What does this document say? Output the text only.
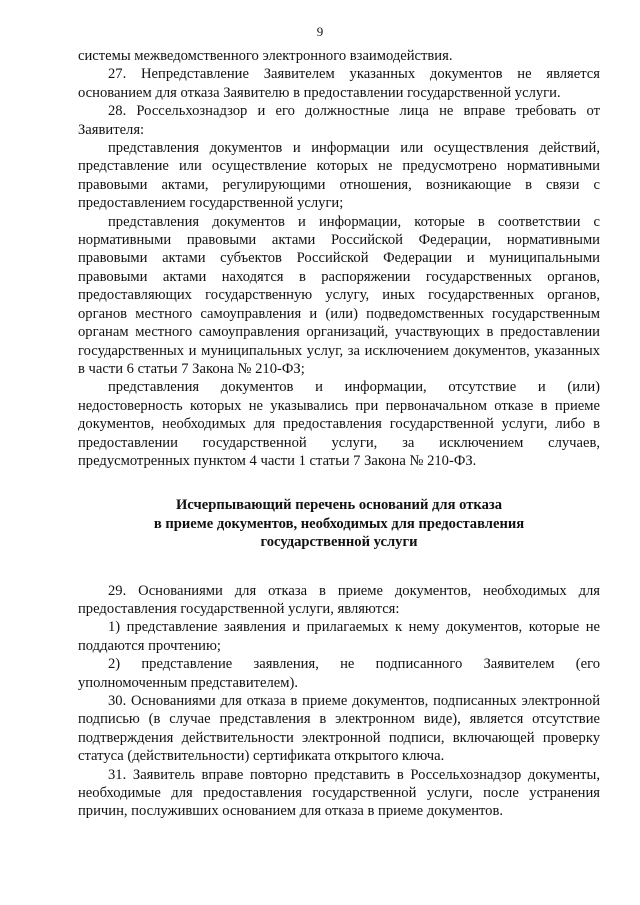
9

системы межведомственного электронного взаимодействия.

27. Непредставление Заявителем указанных документов не является основанием для отказа Заявителю в предоставлении государственной услуги.

28. Россельхознадзор и его должностные лица не вправе требовать от Заявителя:

представления документов и информации или осуществления действий, представление или осуществление которых не предусмотрено нормативными правовыми актами, регулирующими отношения, возникающие в связи с предоставлением государственной услуги;

представления документов и информации, которые в соответствии с нормативными правовыми актами Российской Федерации, нормативными правовыми актами субъектов Российской Федерации и муниципальными правовыми актами находятся в распоряжении государственных органов, предоставляющих государственную услугу, иных государственных органов, органов местного самоуправления и (или) подведомственных государственным органам местного самоуправления организаций, участвующих в предоставлении государственных и муниципальных услуг, за исключением документов, указанных в части 6 статьи 7 Закона № 210-ФЗ;

представления документов и информации, отсутствие и (или) недостоверность которых не указывались при первоначальном отказе в приеме документов, необходимых для предоставления государственной услуги, либо в предоставлении государственной услуги, за исключением случаев, предусмотренных пунктом 4 части 1 статьи 7 Закона № 210-ФЗ.

Исчерпывающий перечень оснований для отказа
в приеме документов, необходимых для предоставления
государственной услуги

29. Основаниями для отказа в приеме документов, необходимых для предоставления государственной услуги, являются:

1) представление заявления и прилагаемых к нему документов, которые не поддаются прочтению;

2) представление заявления, не подписанного Заявителем (его уполномоченным представителем).

30. Основаниями для отказа в приеме документов, подписанных электронной подписью (в случае представления в электронном виде), является отсутствие подтверждения действительности электронной подписи, включающей проверку статуса (действительности) сертификата открытого ключа.

31. Заявитель вправе повторно представить в Россельхознадзор документы, необходимые для предоставления государственной услуги, после устранения причин, послуживших основанием для отказа в приеме документов.
